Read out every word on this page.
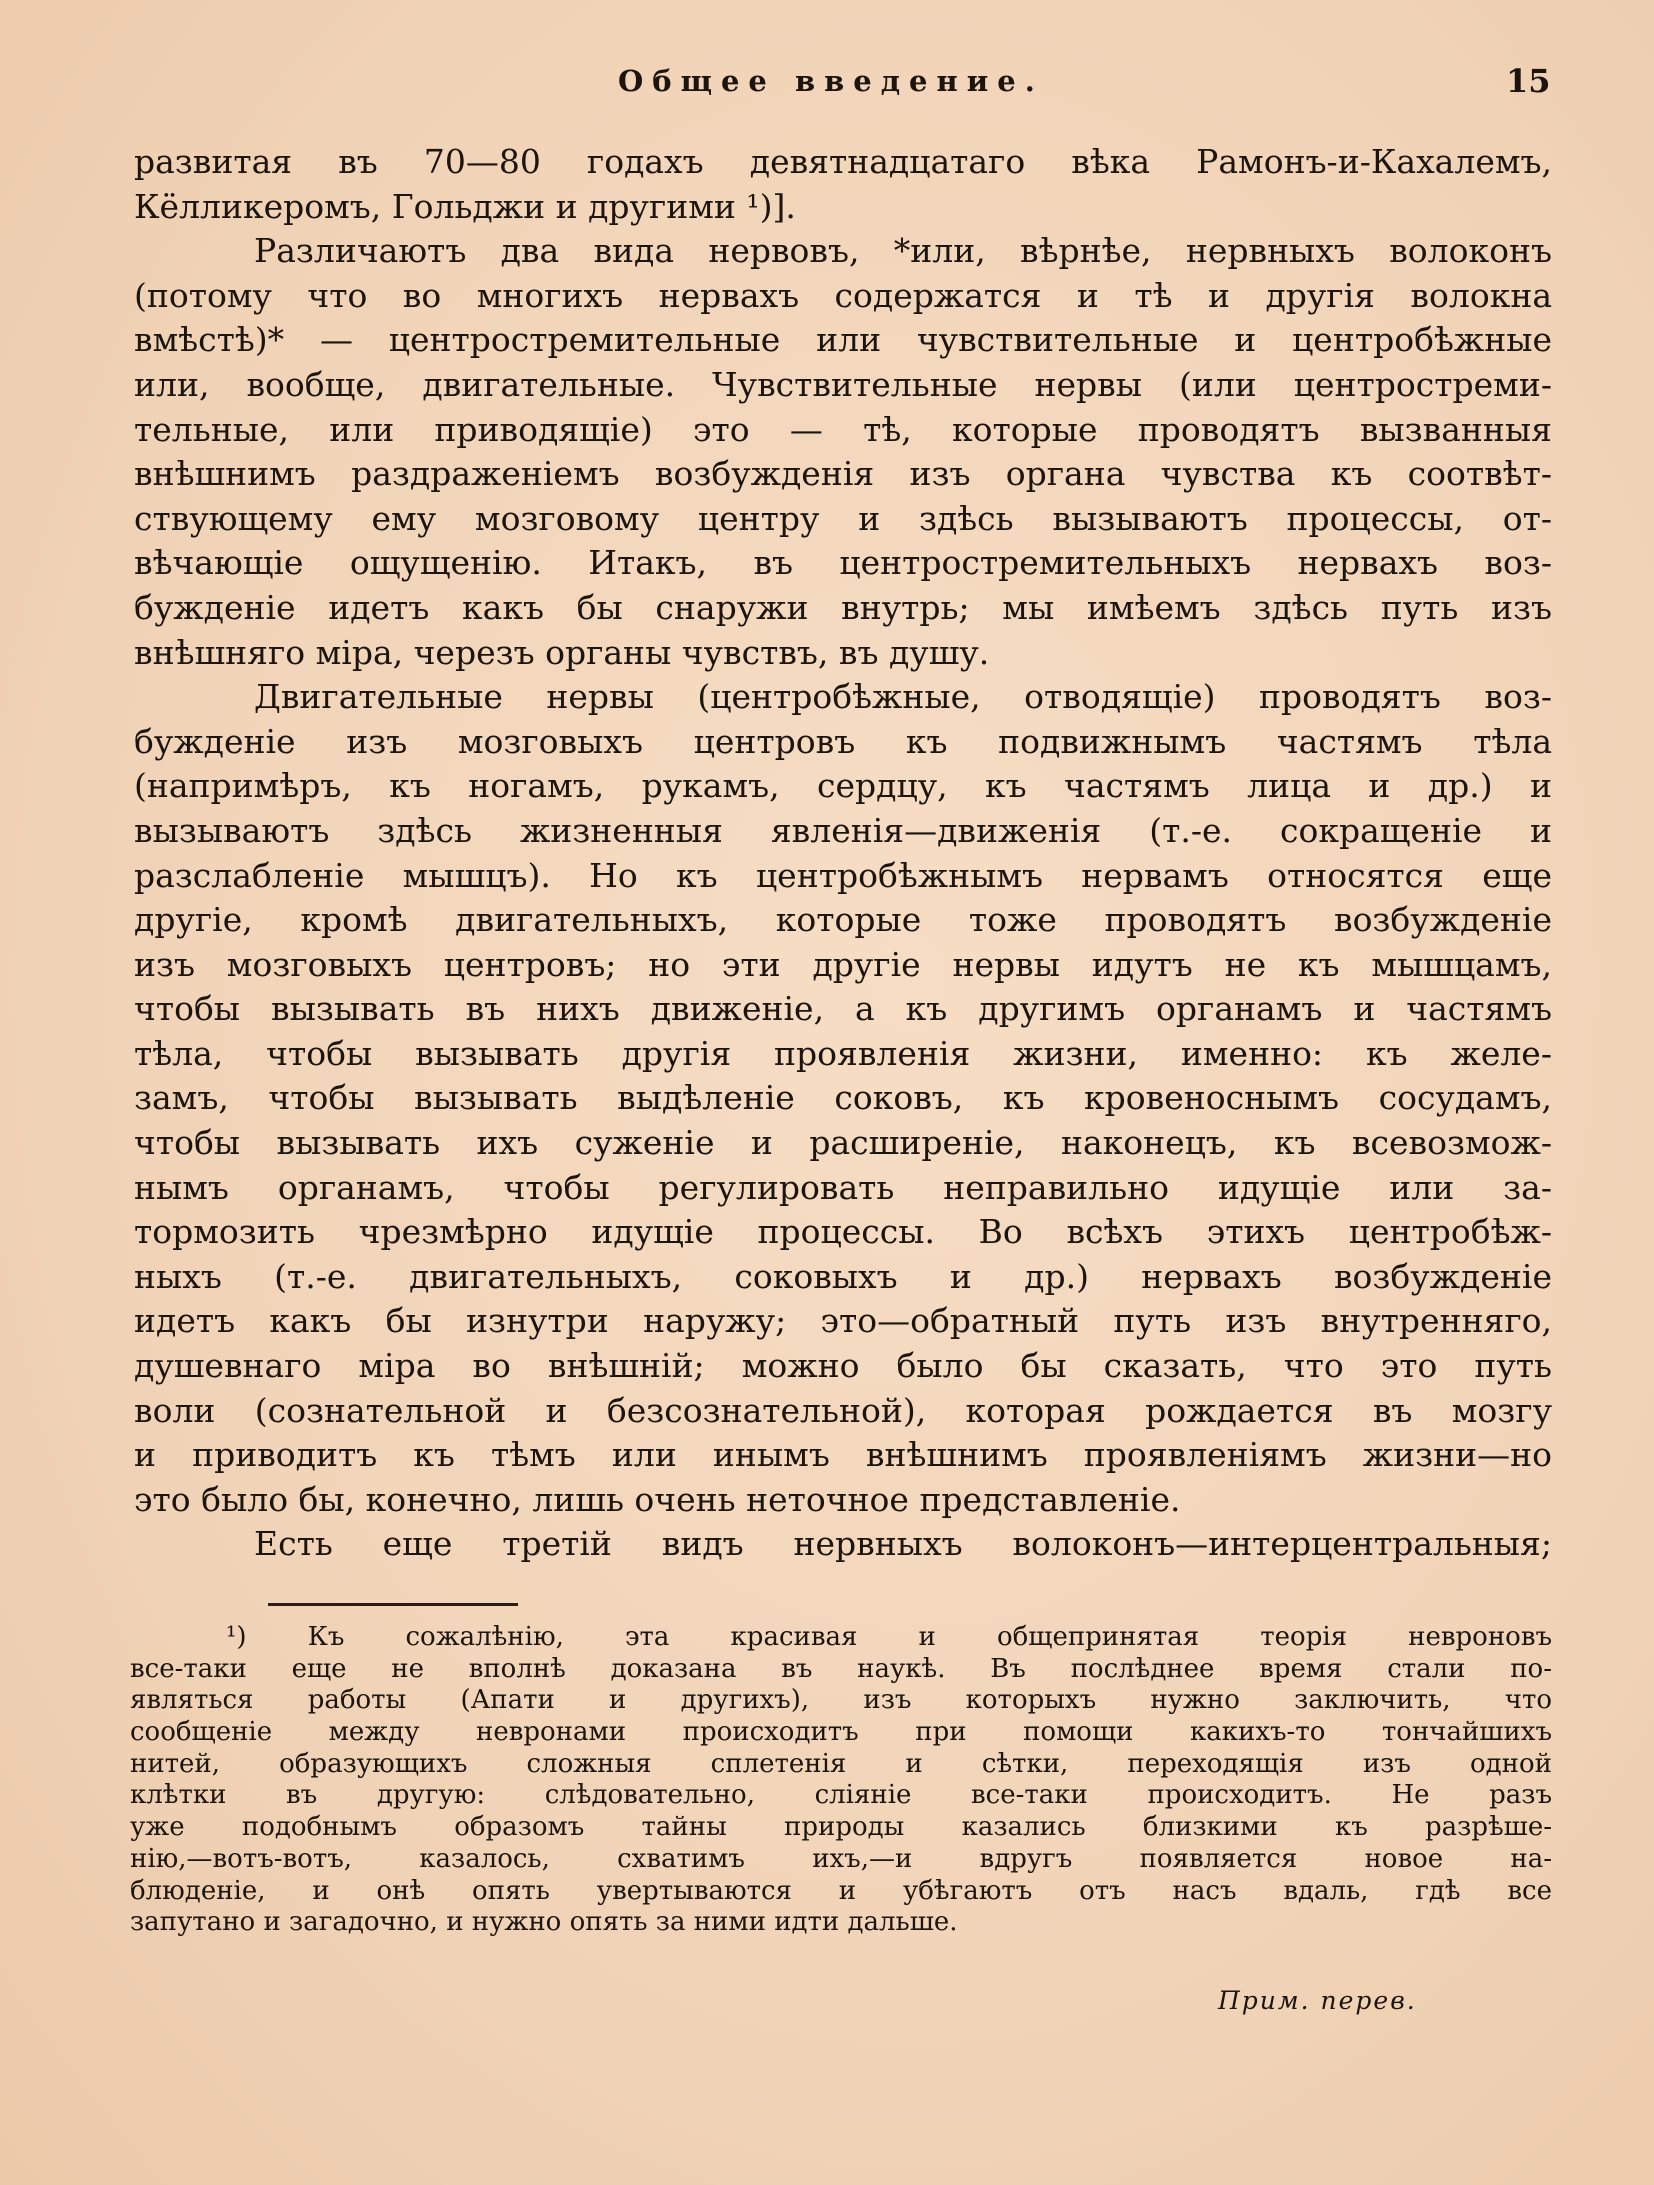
Общее введение.	15
развитая въ 70—80 годахъ девятнадцатаго вѣка Рамонъ-и-Кахалемъ,
Кёлликеромъ, Гольджи и другими ¹)].
Различаютъ два вида нервовъ, *или, вѣрнѣе, нервныхъ волоконъ
(потому что во многихъ нервахъ содержатся и тѣ и другія волокна
вмѣстѣ)* — центростремительные или чувствительные и центробѣжные
или, вообще, двигательные. Чувствительные нервы (или центростреми-
тельные, или приводящіе) это — тѣ, которые проводятъ вызванныя
внѣшнимъ раздраженіемъ возбужденія изъ органа чувства къ соотвѣт-
ствующему ему мозговому центру и здѣсь вызываютъ процессы, от-
вѣчающіе ощущенію. Итакъ, въ центростремительныхъ нервахъ воз-
бужденіе идетъ какъ бы снаружи внутрь; мы имѣемъ здѣсь путь изъ
внѣшняго міра, черезъ органы чувствъ, въ душу.
Двигательные нервы (центробѣжные, отводящіе) проводятъ воз-
бужденіе изъ мозговыхъ центровъ къ подвижнымъ частямъ тѣла
(напримѣръ, къ ногамъ, рукамъ, сердцу, къ частямъ лица и др.) и
вызываютъ здѣсь жизненныя явленія—движенія (т.-е. сокращеніе и
разслабленіе мышцъ). Но къ центробѣжнымъ нервамъ относятся еще
другіе, кромѣ двигательныхъ, которые тоже проводятъ возбужденіе
изъ мозговыхъ центровъ; но эти другіе нервы идутъ не къ мышцамъ,
чтобы вызывать въ нихъ движеніе, а къ другимъ органамъ и частямъ
тѣла, чтобы вызывать другія проявленія жизни, именно: къ желе-
замъ, чтобы вызывать выдѣленіе соковъ, къ кровеноснымъ сосудамъ,
чтобы вызывать ихъ суженіе и расширеніе, наконецъ, къ всевозмож-
нымъ органамъ, чтобы регулировать неправильно идущіе или за-
тормозить чрезмѣрно идущіе процессы. Во всѣхъ этихъ центробѣж-
ныхъ (т.-е. двигательныхъ, соковыхъ и др.) нервахъ возбужденіе
идетъ какъ бы изнутри наружу; это—обратный путь изъ внутренняго,
душевнаго міра во внѣшній; можно было бы сказать, что это путь
воли (сознательной и безсознательной), которая рождается въ мозгу
и приводитъ къ тѣмъ или инымъ внѣшнимъ проявленіямъ жизни—но
это было бы, конечно, лишь очень неточное представленіе.
Есть еще третій видъ нервныхъ волоконъ—интерцентральныя;
¹) Къ сожалѣнію, эта красивая и общепринятая теорія невроновъ
все-таки еще не вполнѣ доказана въ наукѣ. Въ послѣднее время стали по-
являться работы (Апати и другихъ), изъ которыхъ нужно заключить, что
сообщеніе между невронами происходитъ при помощи какихъ-то тончайшихъ
нитей, образующихъ сложныя сплетенія и сѣтки, переходящія изъ одной
клѣтки въ другую: слѣдовательно, сліяніе все-таки происходитъ. Не разъ
уже подобнымъ образомъ тайны природы казались близкими къ разрѣше-
нію,—вотъ-вотъ, казалось, схватимъ ихъ,—и вдругъ появляется новое на-
блюденіе, и онѣ опять увертываются и убѣгаютъ отъ насъ вдаль, гдѣ все
запутано и загадочно, и нужно опять за ними идти дальше.
Прим. перев.
